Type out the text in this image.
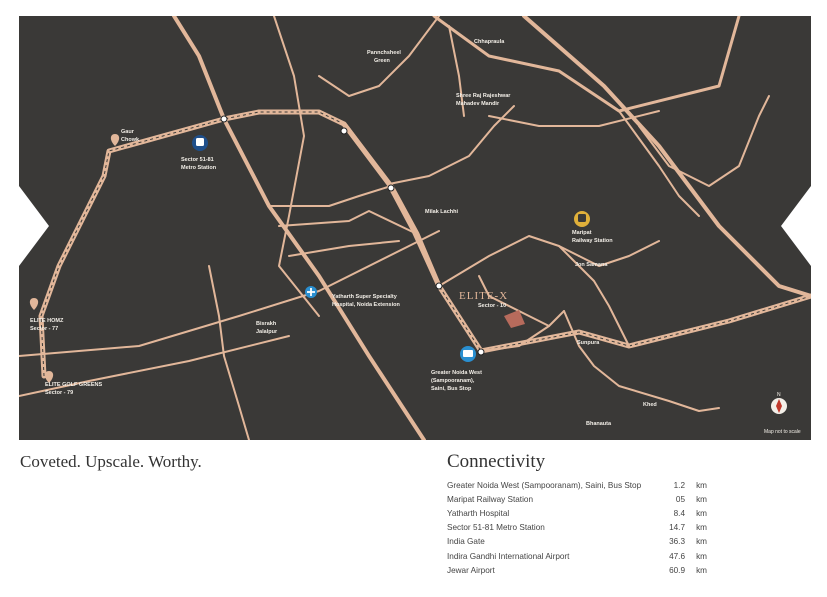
Chhapraula
Pannchsheel
Green
Shree Raj Rajeshwar
Mahadev Mandir
Gaur
Chowk
Sector 51-81
Metro Station
Milak Lachhi
Maripat
Railway Station
Jon Samana
Yatharth Super Specialty
Hospital, Noida Extension
Bisrakh
Jalalpur
ELITE HOMZ
Sector - 77
ELITE GOLF GREENS
Sector - 79
ELITE-X
Sector - 10
Greater Noida West
(Sampooranam),
Saini, Bus Stop
Sunpura
Khed
Bhanauta
N
Map not to scale
Coveted. Upscale. Worthy.	Connectivity
Greater Noida West (Sampooranam), Saini, Bus Stop	1.2	km
Maripat Railway Station	05	km
Yatharth Hospital	8.4	km
Sector 51-81 Metro Station	14.7	km
India Gate	36.3	km
Indira Gandhi International Airport	47.6	km
Jewar Airport	60.9	km
